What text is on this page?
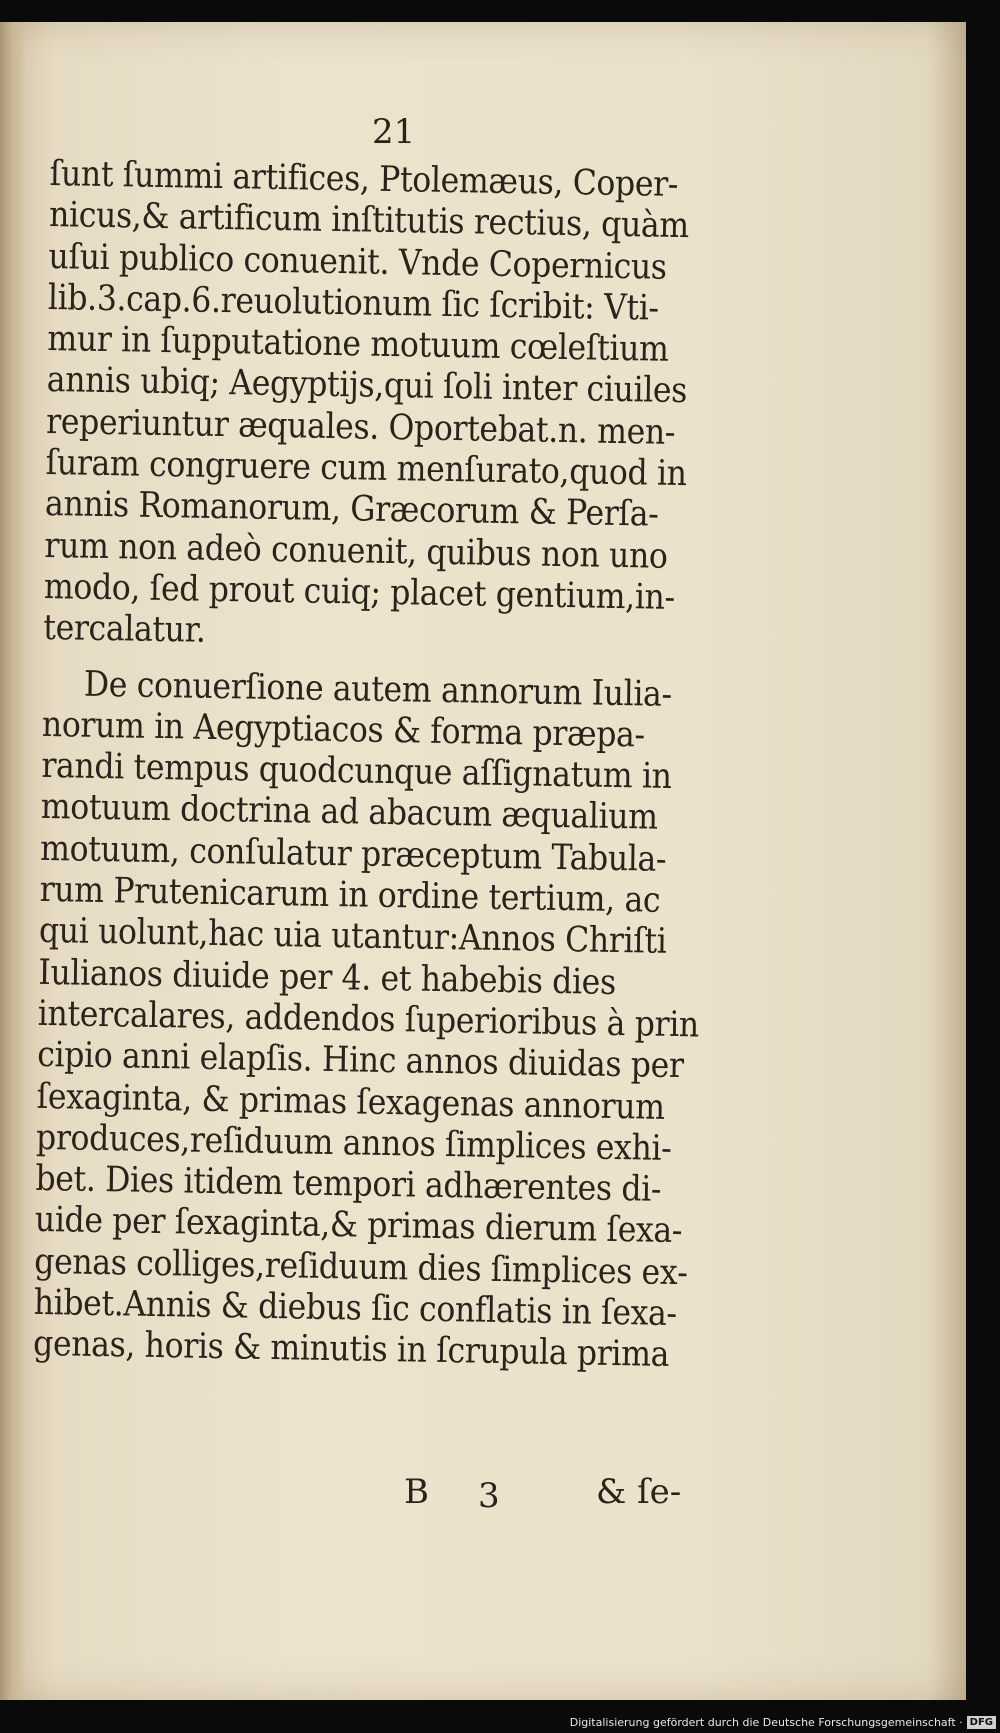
21
ſunt ſummi artifices, Ptolemæus, Coper‑
nicus,& artificum inſtitutis rectius, quàm
uſui publico conuenit. Vnde Copernicus
lib.3.cap.6.reuolutionum ſic ſcribit: Vti‑
mur in ſupputatione motuum cœleſtium
annis ubiq; Aegyptijs,qui ſoli inter ciuiles
reperiuntur æquales. Oportebat.n. men‑
ſuram congruere cum menſurato,quod in
annis Romanorum, Græcorum & Perſa‑
rum non adeò conuenit, quibus non uno
modo, ſed prout cuiq; placet gentium,in‑
tercalatur.
De conuerſione autem annorum Iulia‑
norum in Aegyptiacos & forma præpa‑
randi tempus quodcunque aſſignatum in
motuum doctrina ad abacum æqualium
motuum, conſulatur præceptum Tabula‑
rum Prutenicarum in ordine tertium, ac
qui uolunt,hac uia utantur:Annos Chriſti
Iulianos diuide per 4. et habebis dies
intercalares, addendos ſuperioribus à prin
cipio anni elapſis. Hinc annos diuidas per
ſexaginta, & primas ſexagenas annorum
produces,reſiduum annos ſimplices exhi‑
bet. Dies itidem tempori adhærentes di‑
uide per ſexaginta,& primas dierum ſexa‑
genas colliges,reſiduum dies ſimplices ex‑
hibet.Annis & diebus ſic conflatis in ſexa‑
genas, horis & minutis in ſcrupula prima
B 3	& ſe‑
Digitalisierung gefördert durch die Deutsche Forschungsgemeinschaft · DFG
